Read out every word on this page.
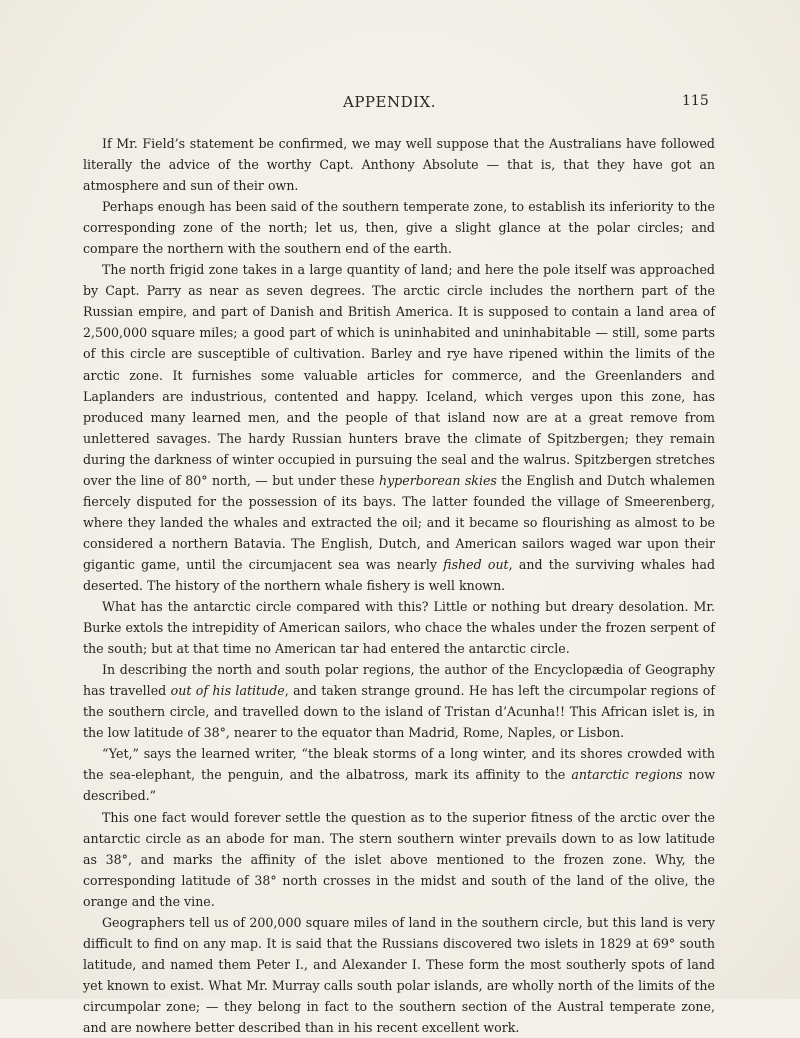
APPENDIX.	115

If Mr. Field’s statement be confirmed, we may well suppose that the Australians have followed literally the advice of the worthy Capt. Anthony Absolute — that is, that they have got an atmosphere and sun of their own.

Perhaps enough has been said of the southern temperate zone, to establish its inferiority to the corresponding zone of the north; let us, then, give a slight glance at the polar circles; and compare the northern with the southern end of the earth.

The north frigid zone takes in a large quantity of land; and here the pole itself was approached by Capt. Parry as near as seven degrees. The arctic circle includes the northern part of the Russian empire, and part of Danish and British America. It is supposed to contain a land area of 2,500,000 square miles; a good part of which is uninhabited and uninhabitable — still, some parts of this circle are susceptible of cultivation. Barley and rye have ripened within the limits of the arctic zone. It furnishes some valuable articles for commerce, and the Greenlanders and Laplanders are industrious, contented and happy. Iceland, which verges upon this zone, has produced many learned men, and the people of that island now are at a great remove from unlettered savages. The hardy Russian hunters brave the climate of Spitzbergen; they remain during the darkness of winter occupied in pursuing the seal and the walrus. Spitzbergen stretches over the line of 80° north, — but under these hyperborean skies the English and Dutch whalemen fiercely disputed for the possession of its bays. The latter founded the village of Smeerenberg, where they landed the whales and extracted the oil; and it became so flourishing as almost to be considered a northern Batavia. The English, Dutch, and American sailors waged war upon their gigantic game, until the circumjacent sea was nearly fished out, and the surviving whales had deserted. The history of the northern whale fishery is well known.

What has the antarctic circle compared with this? Little or nothing but dreary desolation. Mr. Burke extols the intrepidity of American sailors, who chace the whales under the frozen serpent of the south; but at that time no American tar had entered the antarctic circle.

In describing the north and south polar regions, the author of the Encyclopædia of Geography has travelled out of his latitude, and taken strange ground. He has left the circumpolar regions of the southern circle, and travelled down to the island of Tristan d’Acunha!! This African islet is, in the low latitude of 38°, nearer to the equator than Madrid, Rome, Naples, or Lisbon.

“Yet,” says the learned writer, “the bleak storms of a long winter, and its shores crowded with the sea-elephant, the penguin, and the albatross, mark its affinity to the antarctic regions now described.”

This one fact would forever settle the question as to the superior fitness of the arctic over the antarctic circle as an abode for man. The stern southern winter prevails down to as low latitude as 38°, and marks the affinity of the islet above mentioned to the frozen zone. Why, the corresponding latitude of 38° north crosses in the midst and south of the land of the olive, the orange and the vine.

Geographers tell us of 200,000 square miles of land in the southern circle, but this land is very difficult to find on any map. It is said that the Russians discovered two islets in 1829 at 69° south latitude, and named them Peter I., and Alexander I. These form the most southerly spots of land yet known to exist. What Mr. Murray calls south polar islands, are wholly north of the limits of the circumpolar zone; — they belong in fact to the southern section of the Austral temperate zone, and are nowhere better described than in his recent excellent work.
